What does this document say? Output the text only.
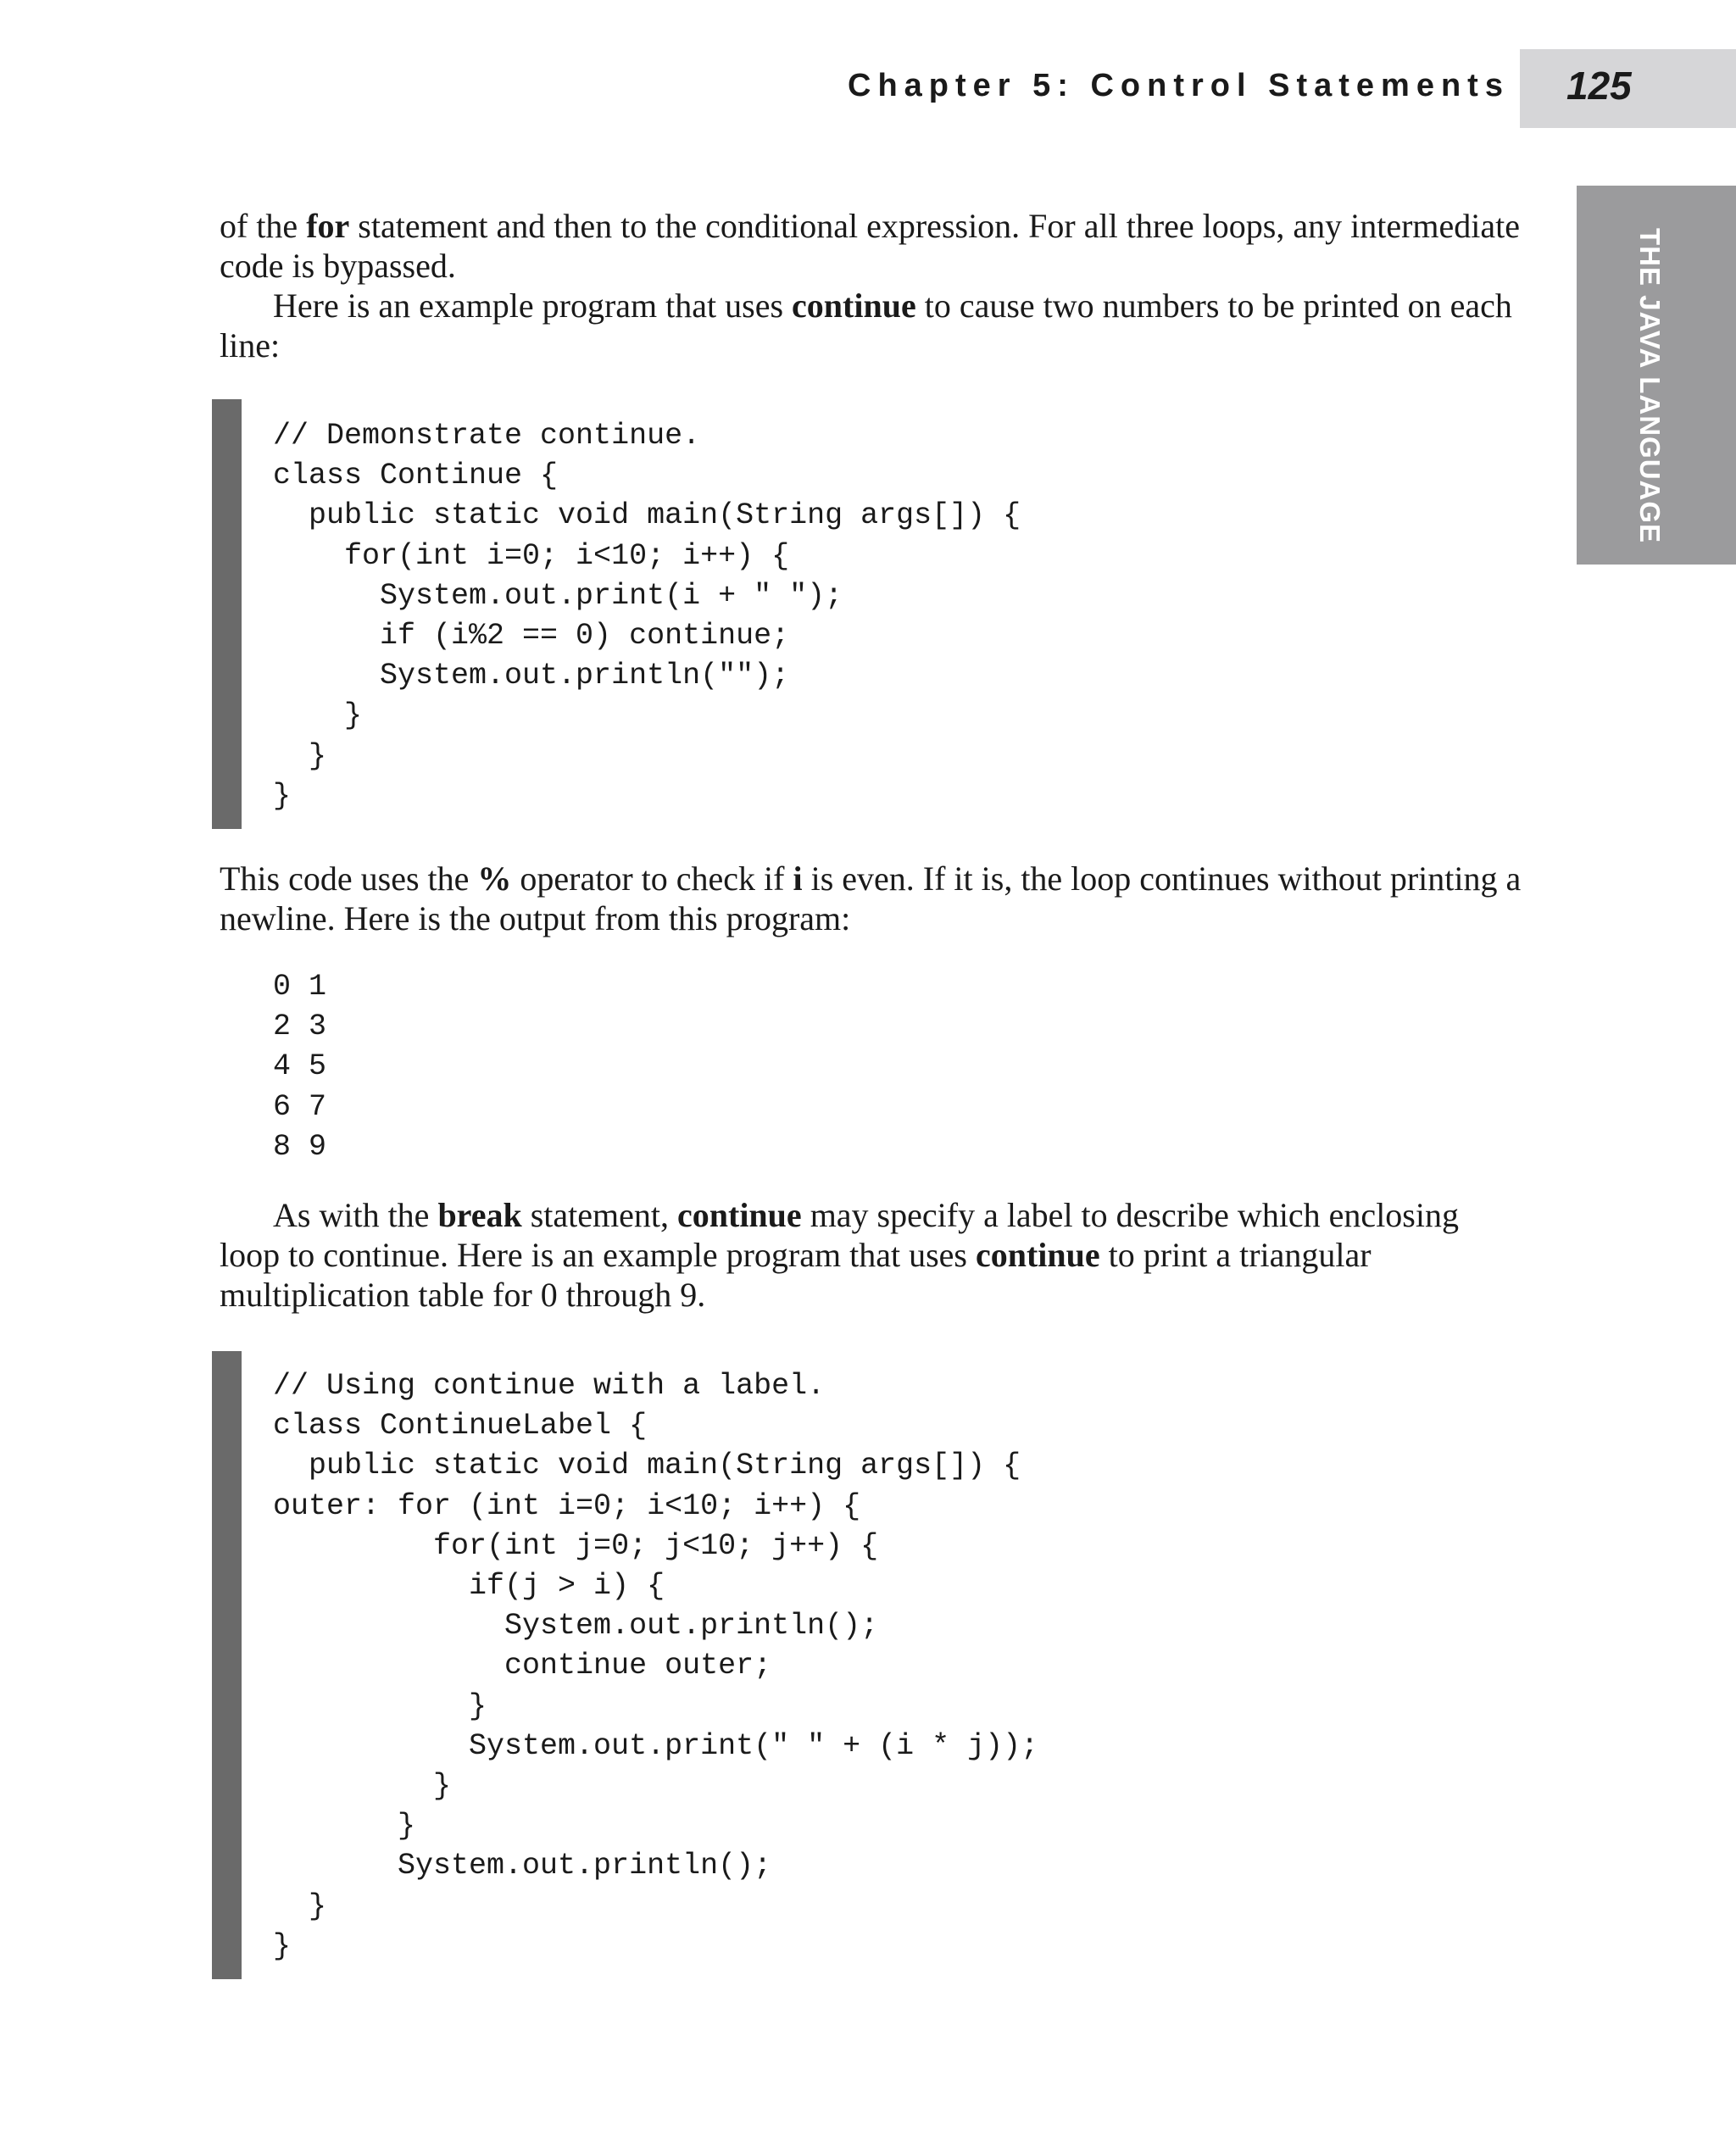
Chapter 5: Control Statements 125
THE JAVA LANGUAGE

of the for statement and then to the conditional expression. For all three loops, any intermediate code is bypassed.

Here is an example program that uses continue to cause two numbers to be printed on each line:

// Demonstrate continue.
class Continue {
public static void main(String args[]) {
for(int i=0; i<10; i++) {
System.out.print(i + " ");
if (i%2 == 0) continue;
System.out.println("");
}
}
}

This code uses the % operator to check if i is even. If it is, the loop continues without printing a newline. Here is the output from this program:

0 1
2 3
4 5
6 7
8 9

As with the break statement, continue may specify a label to describe which enclosing loop to continue. Here is an example program that uses continue to print a triangular multiplication table for 0 through 9.

// Using continue with a label.
class ContinueLabel {
public static void main(String args[]) {
outer: for (int i=0; i<10; i++) {
for(int j=0; j<10; j++) {
if(j > i) {
System.out.println();
continue outer;
}
System.out.print(" " + (i * j));
}
}
System.out.println();
}
}
